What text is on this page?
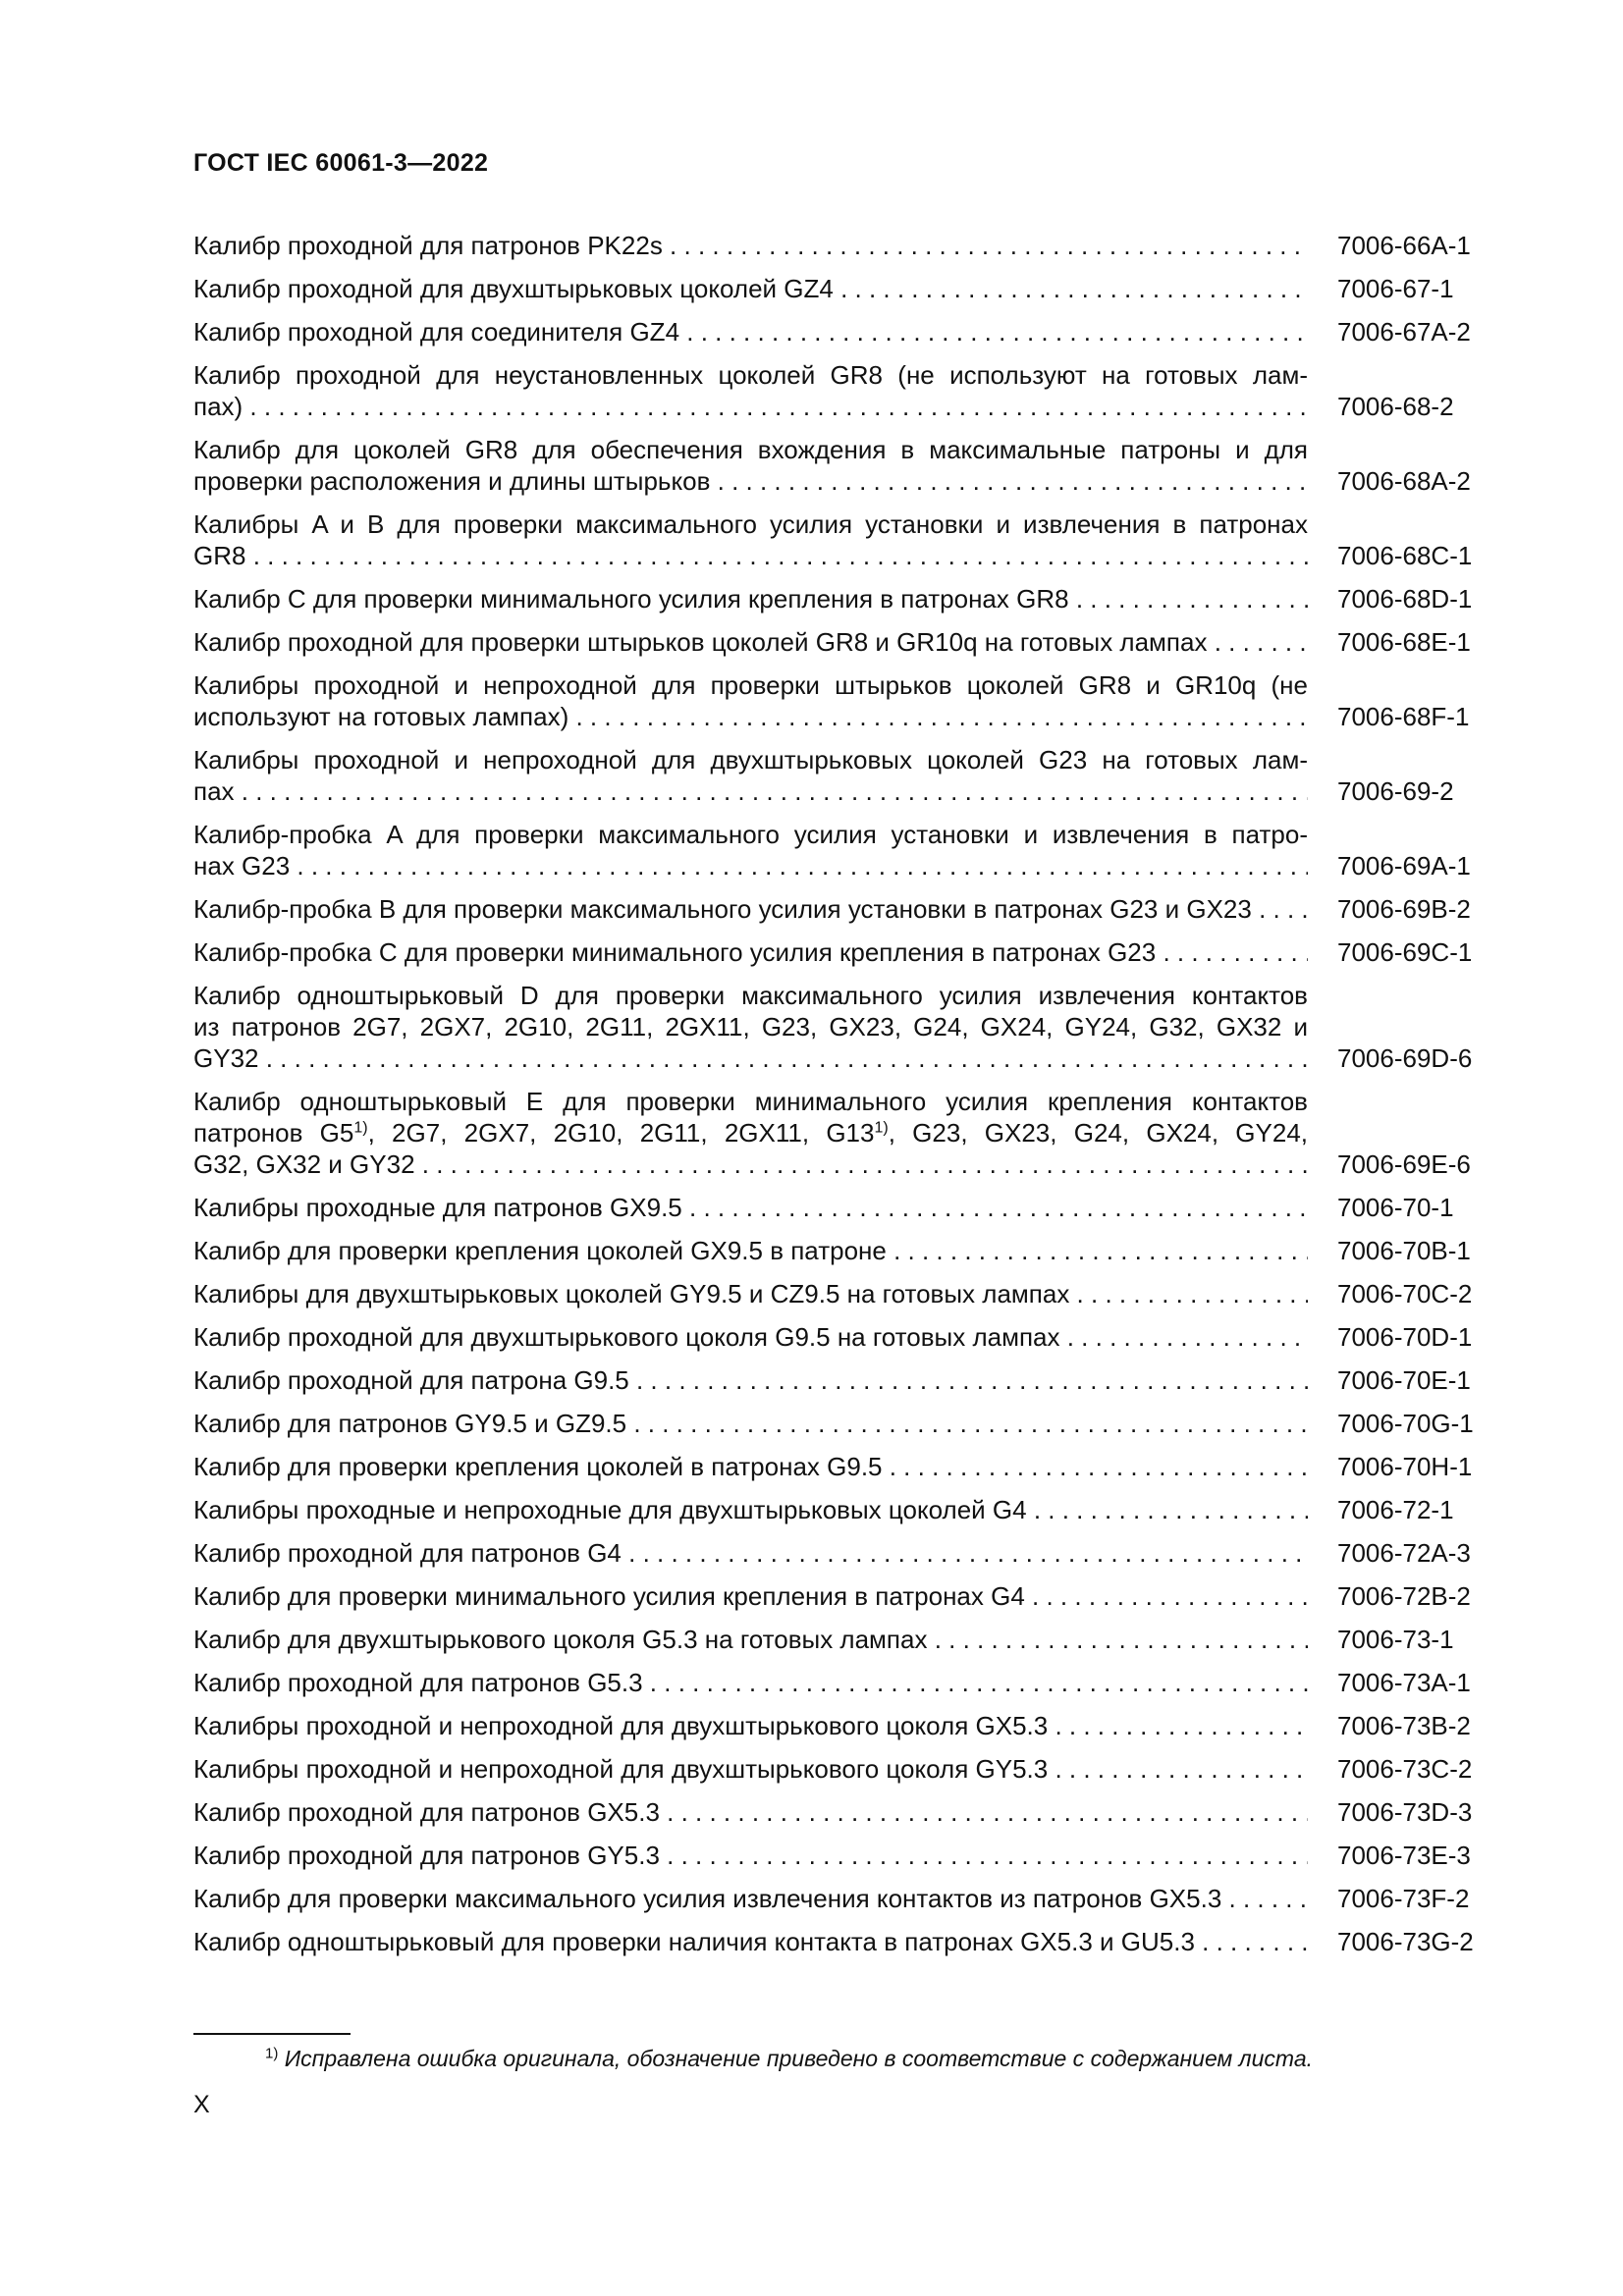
ГОСТ IEC 60061-3—2022
Калибр проходной для патронов PK22s . . .	7006-66A-1
Калибр проходной для двухштырьковых цоколей GZ4 . . .	7006-67-1
Калибр проходной для соединителя GZ4 . . .	7006-67A-2
Калибр проходной для неустановленных цоколей GR8 (не используют на готовых лам-
пах) . . .	7006-68-2
Калибр для цоколей GR8 для обеспечения вхождения в максимальные патроны и для
проверки расположения и длины штырьков . . .	7006-68A-2
Калибры A и B для проверки максимального усилия установки и извлечения в патронах
GR8 . . .	7006-68C-1
Калибр C для проверки минимального усилия крепления в патронах GR8 . . .	7006-68D-1
Калибр проходной для проверки штырьков цоколей GR8 и GR10q на готовых лампах . . .	7006-68E-1
Калибры проходной и непроходной для проверки штырьков цоколей GR8 и GR10q (не
используют на готовых лампах) . . .	7006-68F-1
Калибры проходной и непроходной для двухштырьковых цоколей G23 на готовых лам-
пах . . .	7006-69-2
Калибр-пробка A для проверки максимального усилия установки и извлечения в патро-
нах G23 . . .	7006-69A-1
Калибр-пробка B для проверки максимального усилия установки в патронах G23 и GX23 . . .	7006-69B-2
Калибр-пробка C для проверки минимального усилия крепления в патронах G23 . . .	7006-69C-1
Калибр одноштырьковый D для проверки максимального усилия извлечения контактов
из патронов 2G7, 2GX7, 2G10, 2G11, 2GX11, G23, GX23, G24, GX24, GY24, G32, GX32 и
GY32 . . .	7006-69D-6
Калибр одноштырьковый E для проверки минимального усилия крепления контактов
патронов G5$^{1)}$, 2G7, 2GX7, 2G10, 2G11, 2GX11, G13$^{1)}$, G23, GX23, G24, GX24, GY24,
G32, GX32 и GY32 . . .	7006-69E-6
Калибры проходные для патронов GX9.5 . . .	7006-70-1
Калибр для проверки крепления цоколей GX9.5 в патроне . . .	7006-70B-1
Калибры для двухштырьковых цоколей GY9.5 и CZ9.5 на готовых лампах . . .	7006-70C-2
Калибр проходной для двухштырькового цоколя G9.5 на готовых лампах . . .	7006-70D-1
Калибр проходной для патрона G9.5 . . .	7006-70E-1
Калибр для патронов GY9.5 и GZ9.5 . . .	7006-70G-1
Калибр для проверки крепления цоколей в патронах G9.5 . . .	7006-70H-1
Калибры проходные и непроходные для двухштырьковых цоколей G4 . . .	7006-72-1
Калибр проходной для патронов G4 . . .	7006-72A-3
Калибр для проверки минимального усилия крепления в патронах G4 . . .	7006-72B-2
Калибр для двухштырькового цоколя G5.3 на готовых лампах . . .	7006-73-1
Калибр проходной для патронов G5.3 . . .	7006-73A-1
Калибры проходной и непроходной для двухштырькового цоколя GX5.3 . . .	7006-73B-2
Калибры проходной и непроходной для двухштырькового цоколя GY5.3 . . .	7006-73C-2
Калибр проходной для патронов GX5.3 . . .	7006-73D-3
Калибр проходной для патронов GY5.3 . . .	7006-73E-3
Калибр для проверки максимального усилия извлечения контактов из патронов GX5.3 . . .	7006-73F-2
Калибр одноштырьковый для проверки наличия контакта в патронах GX5.3 и GU5.3 . . .	7006-73G-2
$^{1)}$ Исправлена ошибка оригинала, обозначение приведено в соответствие с содержанием листа.
X
